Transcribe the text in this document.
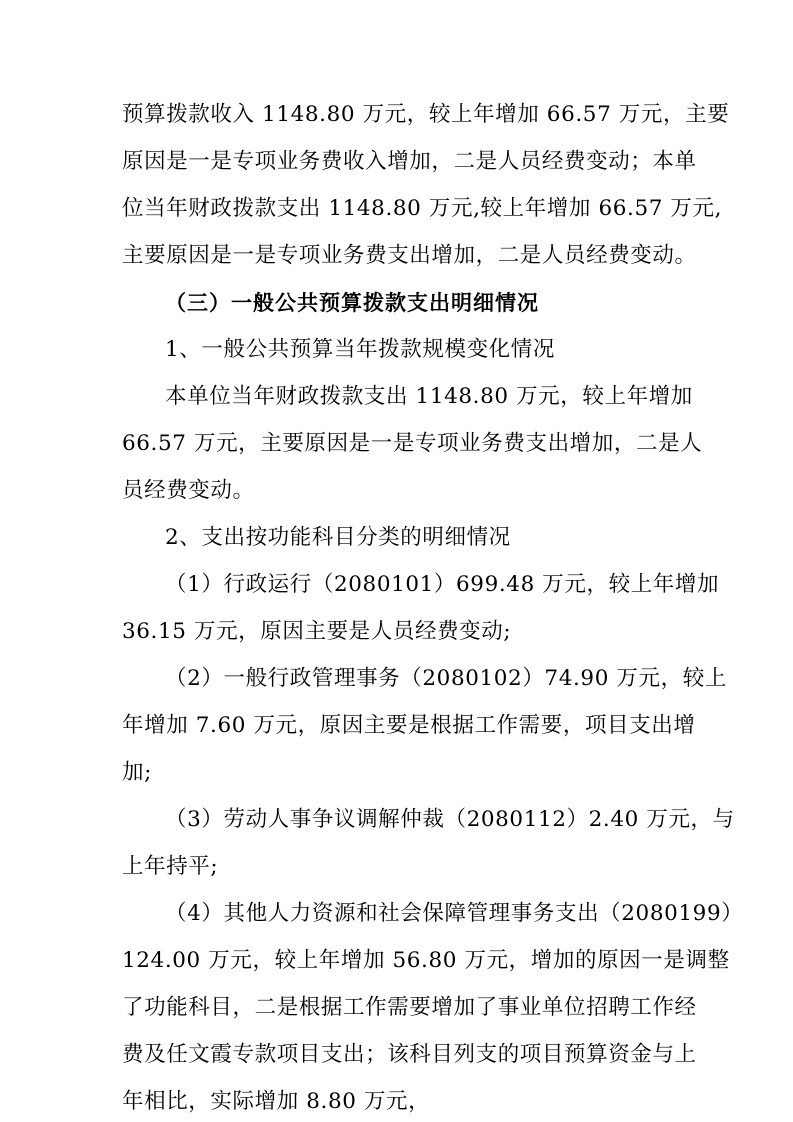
预算拨款收入 1148.80 万元，较上年增加 66.57 万元，主要
原因是一是专项业务费收入增加，二是人员经费变动；本单
位当年财政拨款支出 1148.80 万元,较上年增加 66.57 万元,
主要原因是一是专项业务费支出增加，二是人员经费变动。
（三）一般公共预算拨款支出明细情况
1、一般公共预算当年拨款规模变化情况
本单位当年财政拨款支出 1148.80 万元，较上年增加
66.57 万元，主要原因是一是专项业务费支出增加，二是人
员经费变动。
2、支出按功能科目分类的明细情况
（1）行政运行（2080101）699.48 万元，较上年增加
36.15 万元，原因主要是人员经费变动;
（2）一般行政管理事务（2080102）74.90 万元，较上
年增加 7.60 万元，原因主要是根据工作需要，项目支出增
加;
（3）劳动人事争议调解仲裁（2080112）2.40 万元，与
上年持平;
（4）其他人力资源和社会保障管理事务支出（2080199）
124.00 万元，较上年增加 56.80 万元，增加的原因一是调整
了功能科目，二是根据工作需要增加了事业单位招聘工作经
费及任文霞专款项目支出；该科目列支的项目预算资金与上
年相比，实际增加 8.80 万元，
